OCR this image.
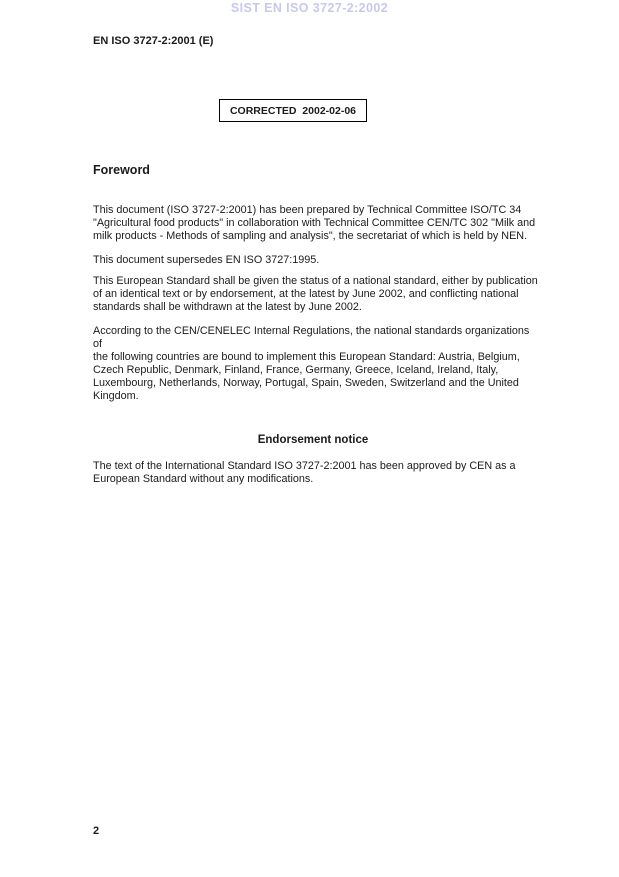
SIST EN ISO 3727-2:2002
EN ISO 3727-2:2001 (E)
CORRECTED  2002-02-06
Foreword
This document (ISO 3727-2:2001) has been prepared by Technical Committee ISO/TC 34
"Agricultural food products" in collaboration with Technical Committee CEN/TC 302 "Milk and
milk products - Methods of sampling and analysis", the secretariat of which is held by NEN.
This document supersedes EN ISO 3727:1995.
This European Standard shall be given the status of a national standard, either by publication
of an identical text or by endorsement, at the latest by June 2002, and conflicting national
standards shall be withdrawn at the latest by June 2002.
According to the CEN/CENELEC Internal Regulations, the national standards organizations of
the following countries are bound to implement this European Standard: Austria, Belgium,
Czech Republic, Denmark, Finland, France, Germany, Greece, Iceland, Ireland, Italy,
Luxembourg, Netherlands, Norway, Portugal, Spain, Sweden, Switzerland and the United
Kingdom.
Endorsement notice
The text of the International Standard ISO 3727-2:2001 has been approved by CEN as a
European Standard without any modifications.
2
